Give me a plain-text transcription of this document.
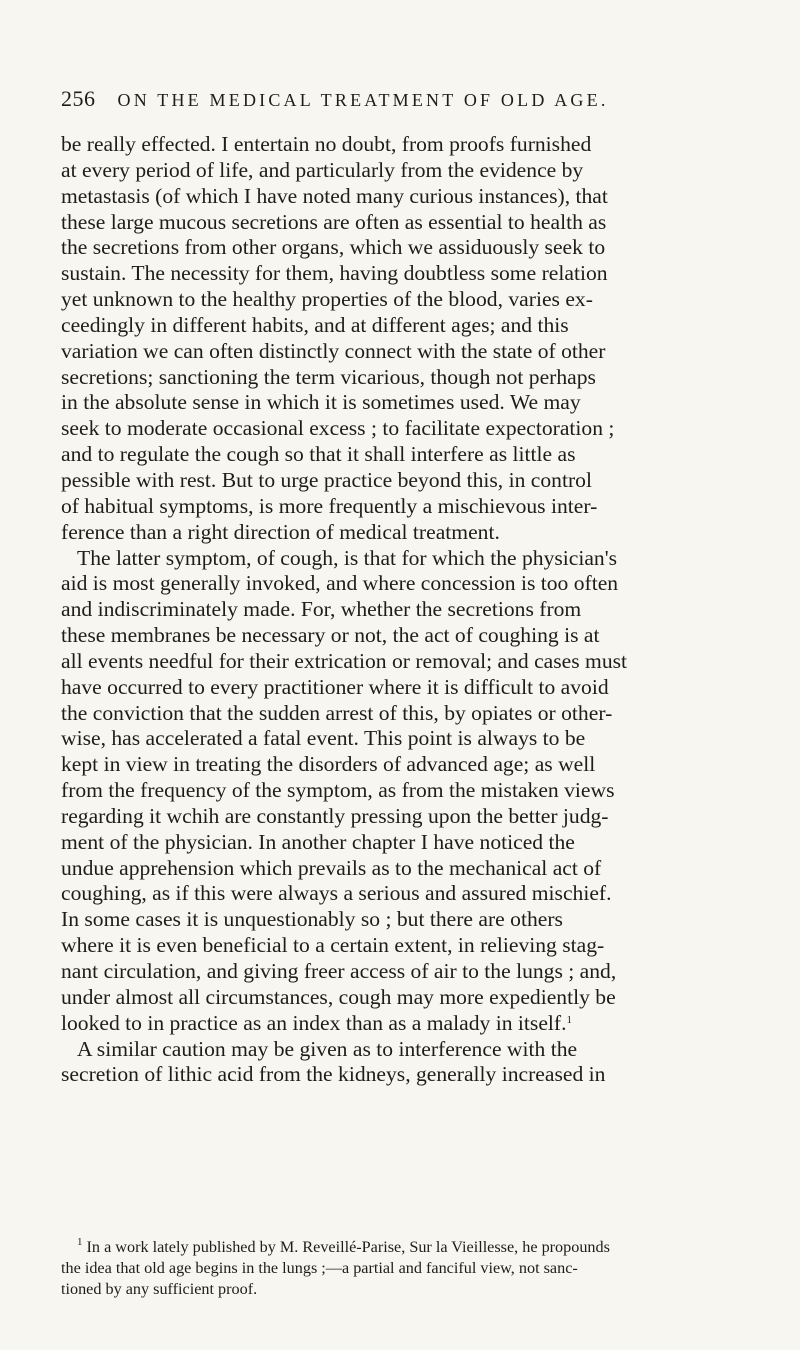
256 ON THE MEDICAL TREATMENT OF OLD AGE.
be really effected. I entertain no doubt, from proofs furnished
at every period of life, and particularly from the evidence by
metastasis (of which I have noted many curious instances), that
these large mucous secretions are often as essential to health as
the secretions from other organs, which we assiduously seek to
sustain. The necessity for them, having doubtless some relation
yet unknown to the healthy properties of the blood, varies ex-
ceedingly in different habits, and at different ages; and this
variation we can often distinctly connect with the state of other
secretions; sanctioning the term vicarious, though not perhaps
in the absolute sense in which it is sometimes used. We may
seek to moderate occasional excess ; to facilitate expectoration ;
and to regulate the cough so that it shall interfere as little as
pessible with rest. But to urge practice beyond this, in control
of habitual symptoms, is more frequently a mischievous inter-
ference than a right direction of medical treatment.
The latter symptom, of cough, is that for which the physician's
aid is most generally invoked, and where concession is too often
and indiscriminately made. For, whether the secretions from
these membranes be necessary or not, the act of coughing is at
all events needful for their extrication or removal; and cases must
have occurred to every practitioner where it is difficult to avoid
the conviction that the sudden arrest of this, by opiates or other-
wise, has accelerated a fatal event. This point is always to be
kept in view in treating the disorders of advanced age; as well
from the frequency of the symptom, as from the mistaken views
regarding it wchih are constantly pressing upon the better judg-
ment of the physician. In another chapter I have noticed the
undue apprehension which prevails as to the mechanical act of
coughing, as if this were always a serious and assured mischief.
In some cases it is unquestionably so ; but there are others
where it is even beneficial to a certain extent, in relieving stag-
nant circulation, and giving freer access of air to the lungs ; and,
under almost all circumstances, cough may more expediently be
looked to in practice as an index than as a malady in itself.$^1$
A similar caution may be given as to interference with the
secretion of lithic acid from the kidneys, generally increased in
$^1$ In a work lately published by M. Reveillé-Parise, Sur la Vieillesse, he propounds
the idea that old age begins in the lungs ;—a partial and fanciful view, not sanc-
tioned by any sufficient proof.
